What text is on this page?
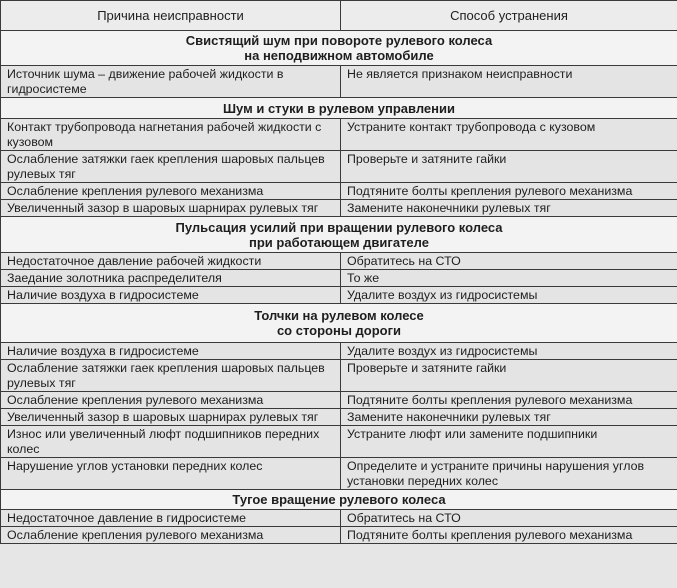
Причина неисправности	Способ устранения
Свистящий шум при повороте рулевого колеса
на неподвижном автомобиле	
Источник шума – движение рабочей жидкости в гидросистеме	Не является признаком неисправности
Шум и стуки в рулевом управлении	
Контакт трубопровода нагнетания рабочей жидкости с кузовом	Устраните контакт трубопровода с кузовом
Ослабление затяжки гаек крепления шаровых пальцев рулевых тяг	Проверьте и затяните гайки
Ослабление крепления рулевого механизма	Подтяните болты крепления рулевого механизма
Увеличенный зазор в шаровых шарнирах рулевых тяг	Замените наконечники рулевых тяг
Пульсация усилий при вращении рулевого колеса
при работающем двигателе	
Недостаточное давление рабочей жидкости	Обратитесь на СТО
Заедание золотника распределителя	То же
Наличие воздуха в гидросистеме	Удалите воздух из гидросистемы
Толчки на рулевом колесе
со стороны дороги	
Наличие воздуха в гидросистеме	Удалите воздух из гидросистемы
Ослабление затяжки гаек крепления шаровых пальцев рулевых тяг	Проверьте и затяните гайки
Ослабление крепления рулевого механизма	Подтяните болты крепления рулевого механизма
Увеличенный зазор в шаровых шарнирах рулевых тяг	Замените наконечники рулевых тяг
Износ или увеличенный люфт подшипников передних колес	Устраните люфт или замените подшипники
Нарушение углов установки передних колес	Определите и устраните причины нарушения углов установки передних колес
Тугое вращение рулевого колеса	
Недостаточное давление в гидросистеме	Обратитесь на СТО
Ослабление крепления рулевого механизма	Подтяните болты крепления рулевого механизма
